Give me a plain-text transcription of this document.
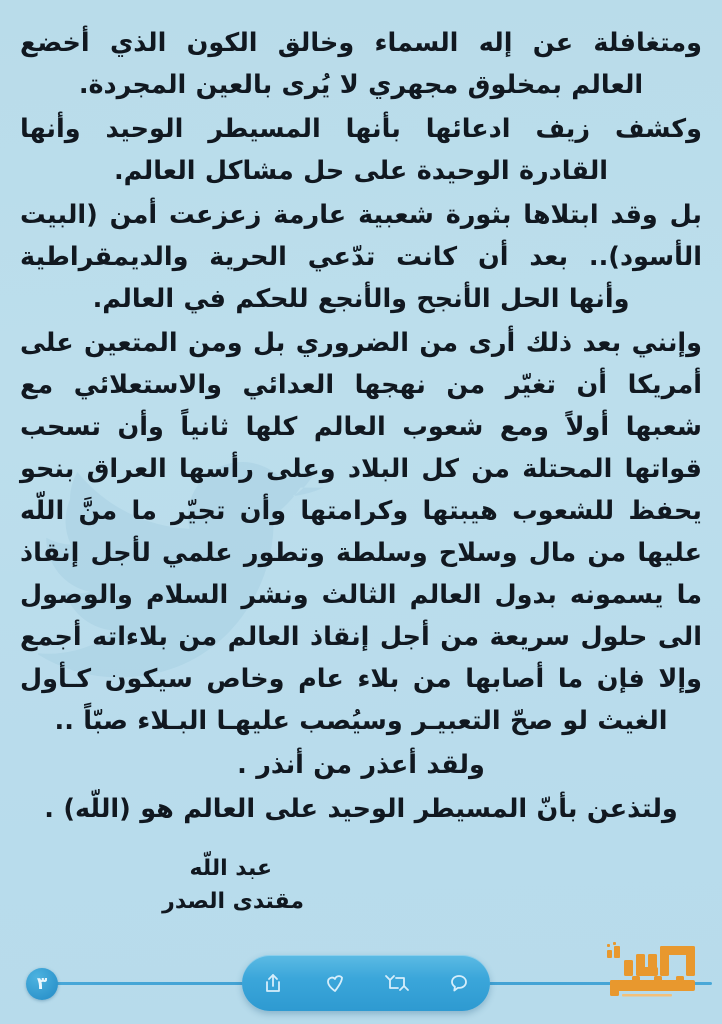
ومتغافلة عن إله السماء وخالق الكون الذي أخضع العالم بمخلوق مجهري لا يُرى بالعين المجردة.

وكشف زيف ادعائها بأنها المسيطر الوحيد وأنها القادرة الوحيدة على حل مشاكل العالم.

بل وقد ابتلاها بثورة شعبية عارمة زعزعت أمن (البيت الأسود).. بعد أن كانت تدّعي الحرية والديمقراطية وأنها الحل الأنجح والأنجع للحكم في العالم.

وإنني بعد ذلك أرى من الضروري بل ومن المتعين على أمريكا أن تغيّر من نهجها العدائي والاستعلائي مع شعبها أولاً ومع شعوب العالم كلها ثانياً وأن تسحب قواتها المحتلة من كل البلاد وعلى رأسها العراق بنحو يحفظ للشعوب هيبتها وكرامتها وأن تجيّر ما منَّ اللّه عليها من مال وسلاح وسلطة وتطور علمي لأجل إنقاذ ما يسمونه بدول العالم الثالث ونشر السلام والوصول الى حلول سريعة من أجل إنقاذ العالم من بلاءاته أجمع وإلا فإن ما أصابها من بلاء عام وخاص سيكون كـأول الغيث لو صحّ التعبيـر وسيُصب عليهـا البـلاء صبّاً ..

ولقد أعذر من أنذر .

ولتذعن بأنّ المسيطر الوحيد على العالم هو (اللّه) .

عبد اللّه
مقتدى الصدر
٣
